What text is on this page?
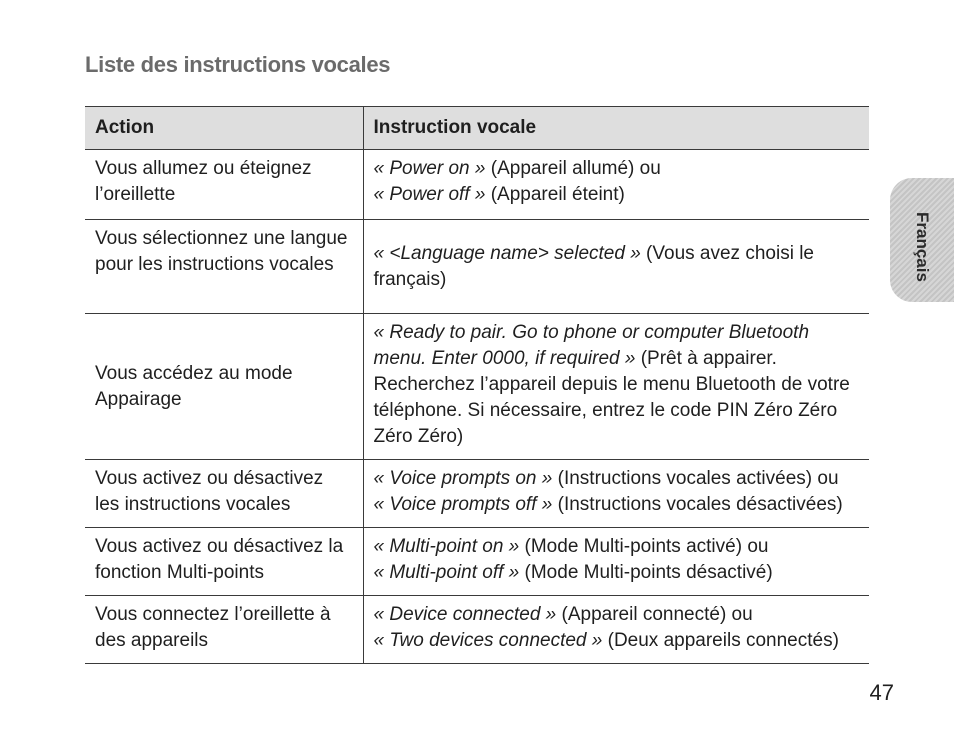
Liste des instructions vocales
Action	Instruction vocale
Vous allumez ou éteignez l’oreillette	« Power on » (Appareil allumé) ou
« Power off » (Appareil éteint)

Vous sélectionnez une langue pour les instructions vocales	« <Language name> selected » (Vous avez choisi le français)

Vous accédez au mode Appairage	« Ready to pair. Go to phone or computer Bluetooth menu. Enter 0000, if required » (Prêt à appairer. Recherchez l’appareil depuis le menu Bluetooth de votre téléphone. Si nécessaire, entrez le code PIN Zéro Zéro Zéro Zéro)

Vous activez ou désactivez les instructions vocales	« Voice prompts on » (Instructions vocales activées) ou
« Voice prompts off » (Instructions vocales désactivées)

Vous activez ou désactivez la fonction Multi-points	« Multi-point on » (Mode Multi-points activé) ou
« Multi-point off » (Mode Multi-points désactivé)

Vous connectez l’oreillette à des appareils	« Device connected » (Appareil connecté) ou
« Two devices connected » (Deux appareils connectés)
Français
47
